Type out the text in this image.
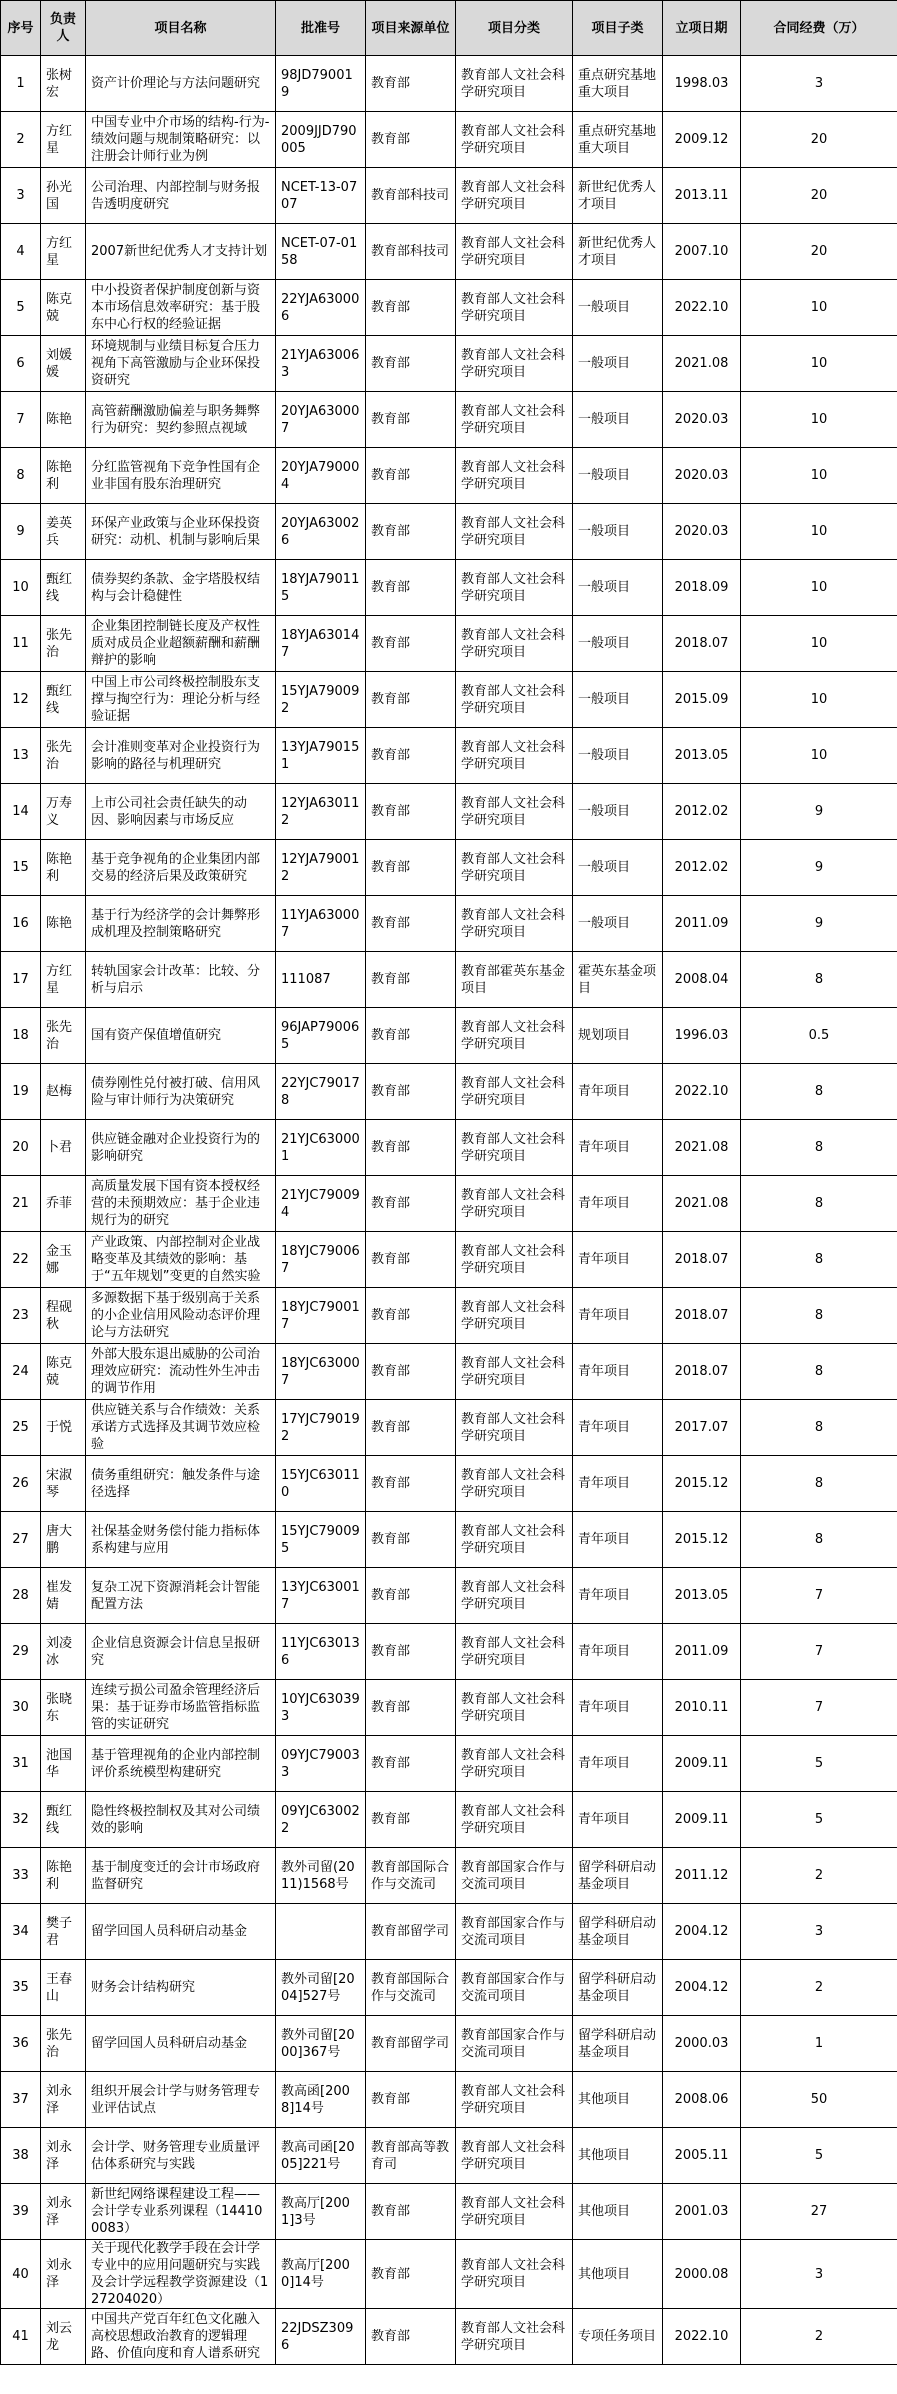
序号	负责人	项目名称	批准号	项目来源单位	项目分类	项目子类	立项日期	合同经费（万）
1	张树宏	资产计价理论与方法问题研究	98JD790019	教育部	教育部人文社会科学研究项目	重点研究基地重大项目	1998.03	3
2	方红星	中国专业中介市场的结构-行为-绩效问题与规制策略研究：以注册会计师行业为例	2009JJD790005	教育部	教育部人文社会科学研究项目	重点研究基地重大项目	2009.12	20
3	孙光国	公司治理、内部控制与财务报告透明度研究	NCET-13-0707	教育部科技司	教育部人文社会科学研究项目	新世纪优秀人才项目	2013.11	20
4	方红星	2007新世纪优秀人才支持计划	NCET-07-0158	教育部科技司	教育部人文社会科学研究项目	新世纪优秀人才项目	2007.10	20
5	陈克兢	中小投资者保护制度创新与资本市场信息效率研究：基于股东中心行权的经验证据	22YJA630006	教育部	教育部人文社会科学研究项目	一般项目	2022.10	10
6	刘媛媛	环境规制与业绩目标复合压力视角下高管激励与企业环保投资研究	21YJA630063	教育部	教育部人文社会科学研究项目	一般项目	2021.08	10
7	陈艳	高管薪酬激励偏差与职务舞弊行为研究：契约参照点视域	20YJA630007	教育部	教育部人文社会科学研究项目	一般项目	2020.03	10
8	陈艳利	分红监管视角下竞争性国有企业非国有股东治理研究	20YJA790004	教育部	教育部人文社会科学研究项目	一般项目	2020.03	10
9	姜英兵	环保产业政策与企业环保投资研究：动机、机制与影响后果	20YJA630026	教育部	教育部人文社会科学研究项目	一般项目	2020.03	10
10	甄红线	债券契约条款、金字塔股权结构与会计稳健性	18YJA790115	教育部	教育部人文社会科学研究项目	一般项目	2018.09	10
11	张先治	企业集团控制链长度及产权性质对成员企业超额薪酬和薪酬辩护的影响	18YJA630147	教育部	教育部人文社会科学研究项目	一般项目	2018.07	10
12	甄红线	中国上市公司终极控制股东支撑与掏空行为：理论分析与经验证据	15YJA790092	教育部	教育部人文社会科学研究项目	一般项目	2015.09	10
13	张先治	会计准则变革对企业投资行为影响的路径与机理研究	13YJA790151	教育部	教育部人文社会科学研究项目	一般项目	2013.05	10
14	万寿义	上市公司社会责任缺失的动因、影响因素与市场反应	12YJA630112	教育部	教育部人文社会科学研究项目	一般项目	2012.02	9
15	陈艳利	基于竞争视角的企业集团内部交易的经济后果及政策研究	12YJA790012	教育部	教育部人文社会科学研究项目	一般项目	2012.02	9
16	陈艳	基于行为经济学的会计舞弊形成机理及控制策略研究	11YJA630007	教育部	教育部人文社会科学研究项目	一般项目	2011.09	9
17	方红星	转轨国家会计改革：比较、分析与启示	111087	教育部	教育部霍英东基金项目	霍英东基金项目	2008.04	8
18	张先治	国有资产保值增值研究	96JAP790065	教育部	教育部人文社会科学研究项目	规划项目	1996.03	0.5
19	赵梅	债券刚性兑付被打破、信用风险与审计师行为决策研究	22YJC790178	教育部	教育部人文社会科学研究项目	青年项目	2022.10	8
20	卜君	供应链金融对企业投资行为的影响研究	21YJC630001	教育部	教育部人文社会科学研究项目	青年项目	2021.08	8
21	乔菲	高质量发展下国有资本授权经营的未预期效应：基于企业违规行为的研究	21YJC790094	教育部	教育部人文社会科学研究项目	青年项目	2021.08	8
22	金玉娜	产业政策、内部控制对企业战略变革及其绩效的影响：基于“五年规划”变更的自然实验	18YJC790067	教育部	教育部人文社会科学研究项目	青年项目	2018.07	8
23	程砚秋	多源数据下基于级别高于关系的小企业信用风险动态评价理论与方法研究	18YJC790017	教育部	教育部人文社会科学研究项目	青年项目	2018.07	8
24	陈克兢	外部大股东退出威胁的公司治理效应研究：流动性外生冲击的调节作用	18YJC630007	教育部	教育部人文社会科学研究项目	青年项目	2018.07	8
25	于悦	供应链关系与合作绩效：关系承诺方式选择及其调节效应检验	17YJC790192	教育部	教育部人文社会科学研究项目	青年项目	2017.07	8
26	宋淑琴	债务重组研究：触发条件与途径选择	15YJC630110	教育部	教育部人文社会科学研究项目	青年项目	2015.12	8
27	唐大鹏	社保基金财务偿付能力指标体系构建与应用	15YJC790095	教育部	教育部人文社会科学研究项目	青年项目	2015.12	8
28	崔发婧	复杂工况下资源消耗会计智能配置方法	13YJC630017	教育部	教育部人文社会科学研究项目	青年项目	2013.05	7
29	刘凌冰	企业信息资源会计信息呈报研究	11YJC630136	教育部	教育部人文社会科学研究项目	青年项目	2011.09	7
30	张晓东	连续亏损公司盈余管理经济后果：基于证券市场监管指标监管的实证研究	10YJC630393	教育部	教育部人文社会科学研究项目	青年项目	2010.11	7
31	池国华	基于管理视角的企业内部控制评价系统模型构建研究	09YJC790033	教育部	教育部人文社会科学研究项目	青年项目	2009.11	5
32	甄红线	隐性终极控制权及其对公司绩效的影响	09YJC630022	教育部	教育部人文社会科学研究项目	青年项目	2009.11	5
33	陈艳利	基于制度变迁的会计市场政府监督研究	教外司留(2011)1568号	教育部国际合作与交流司	教育部国家合作与交流司项目	留学科研启动基金项目	2011.12	2
34	樊子君	留学回国人员科研启动基金		教育部留学司	教育部国家合作与交流司项目	留学科研启动基金项目	2004.12	3
35	王春山	财务会计结构研究	教外司留[2004]527号	教育部国际合作与交流司	教育部国家合作与交流司项目	留学科研启动基金项目	2004.12	2
36	张先治	留学回国人员科研启动基金	教外司留[2000]367号	教育部留学司	教育部国家合作与交流司项目	留学科研启动基金项目	2000.03	1
37	刘永泽	组织开展会计学与财务管理专业评估试点	教高函[2008]14号	教育部	教育部人文社会科学研究项目	其他项目	2008.06	50
38	刘永泽	会计学、财务管理专业质量评估体系研究与实践	教高司函[2005]221号	教育部高等教育司	教育部人文社会科学研究项目	其他项目	2005.11	5
39	刘永泽	新世纪网络课程建设工程——会计学专业系列课程（144100083）	教高厅[2001]3号	教育部	教育部人文社会科学研究项目	其他项目	2001.03	27
40	刘永泽	关于现代化教学手段在会计学专业中的应用问题研究与实践及会计学远程教学资源建设（127204020）	教高厅[2000]14号	教育部	教育部人文社会科学研究项目	其他项目	2000.08	3
41	刘云龙	中国共产党百年红色文化融入高校思想政治教育的逻辑理路、价值向度和育人谱系研究	22JDSZ3096	教育部	教育部人文社会科学研究项目	专项任务项目	2022.10	2
